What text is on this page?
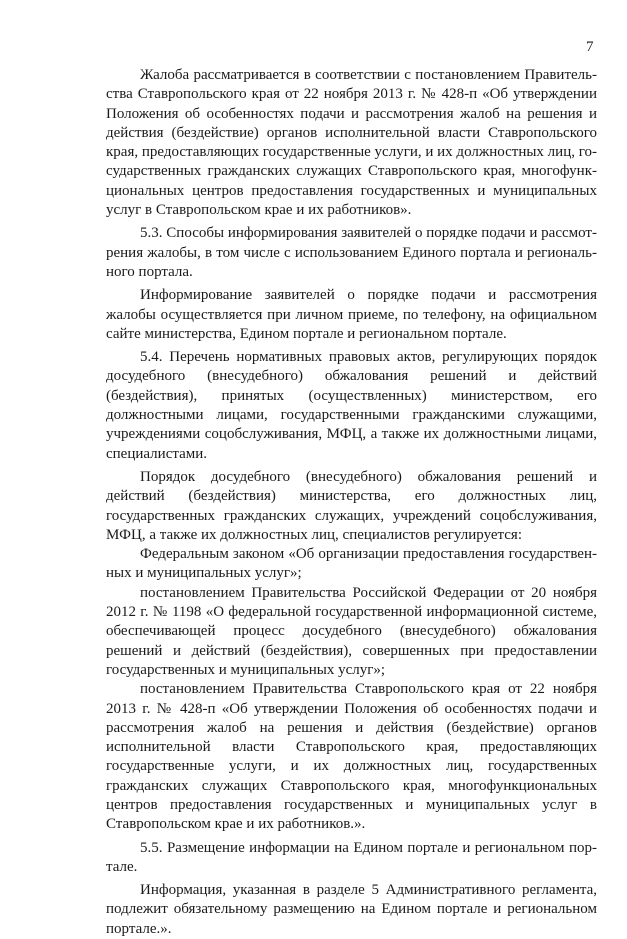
7

Жалоба рассматривается в соответствии с постановлением Правительства Ставропольского края от 22 ноября 2013 г. № 428-п «Об утверждении Положения об особенностях подачи и рассмотрения жалоб на решения и действия (бездействие) органов исполнительной власти Ставропольского края, предоставляющих государственные услуги, и их должностных лиц, государственных гражданских служащих Ставропольского края, многофункциональных центров предоставления государственных и муниципальных услуг в Ставропольском крае и их работников».

5.3. Способы информирования заявителей о порядке подачи и рассмотрения жалобы, в том числе с использованием Единого портала и регионального портала.

Информирование заявителей о порядке подачи и рассмотрения жалобы осуществляется при личном приеме, по телефону, на официальном сайте министерства, Едином портале и региональном портале.

5.4. Перечень нормативных правовых актов, регулирующих порядок досудебного (внесудебного) обжалования решений и действий (бездействия), принятых (осуществленных) министерством, его должностными лицами, государственными гражданскими служащими, учреждениями соцобслуживания, МФЦ, а также их должностными лицами, специалистами.

Порядок досудебного (внесудебного) обжалования решений и действий (бездействия) министерства, его должностных лиц, государственных гражданских служащих, учреждений соцобслуживания, МФЦ, а также их должностных лиц, специалистов регулируется:

Федеральным законом «Об организации предоставления государственных и муниципальных услуг»;

постановлением Правительства Российской Федерации от 20 ноября 2012 г. № 1198 «О федеральной государственной информационной системе, обеспечивающей процесс досудебного (внесудебного) обжалования решений и действий (бездействия), совершенных при предоставлении государственных и муниципальных услуг»;

постановлением Правительства Ставропольского края от 22 ноября 2013 г. № 428-п «Об утверждении Положения об особенностях подачи и рассмотрения жалоб на решения и действия (бездействие) органов исполнительной власти Ставропольского края, предоставляющих государственные услуги, и их должностных лиц, государственных гражданских служащих Ставропольского края, многофункциональных центров предоставления государственных и муниципальных услуг в Ставропольском крае и их работников.».

5.5. Размещение информации на Едином портале и региональном портале.

Информация, указанная в разделе 5 Административного регламента, подлежит обязательному размещению на Едином портале и региональном портале.».
